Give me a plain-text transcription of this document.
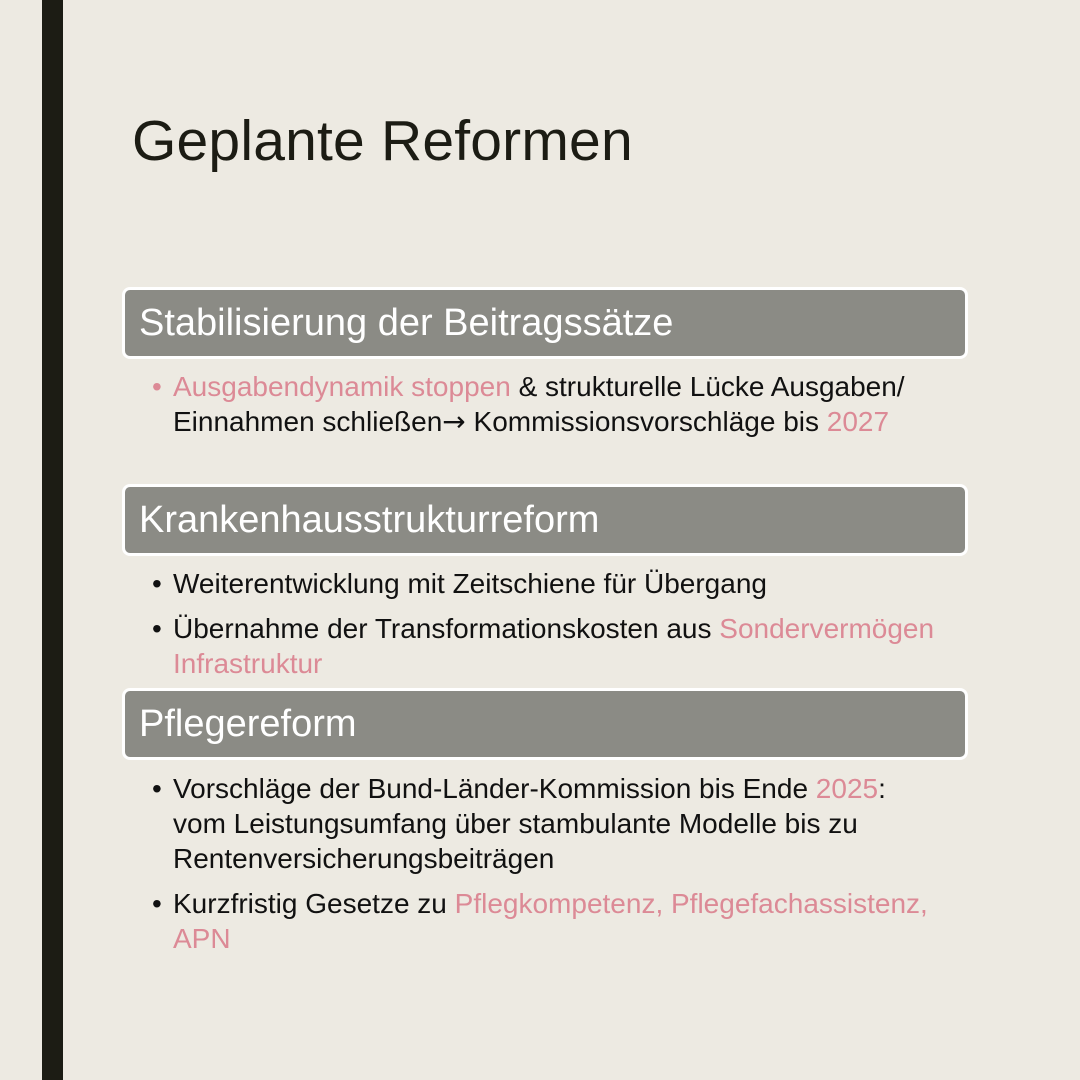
Geplante Reformen
Stabilisierung der Beitragssätze
• Ausgabendynamik stoppen & strukturelle Lücke Ausgaben/ Einnahmen schließen→ Kommissionsvorschläge bis 2027
Krankenhausstrukturreform
• Weiterentwicklung mit Zeitschiene für Übergang
• Übernahme der Transformationskosten aus Sondervermögen Infrastruktur
Pflegereform
• Vorschläge der Bund-Länder-Kommission bis Ende 2025: vom Leistungsumfang über stambulante Modelle bis zu Rentenversicherungsbeiträgen
• Kurzfristig Gesetze zu Pflegkompetenz, Pflegefachassistenz, APN
